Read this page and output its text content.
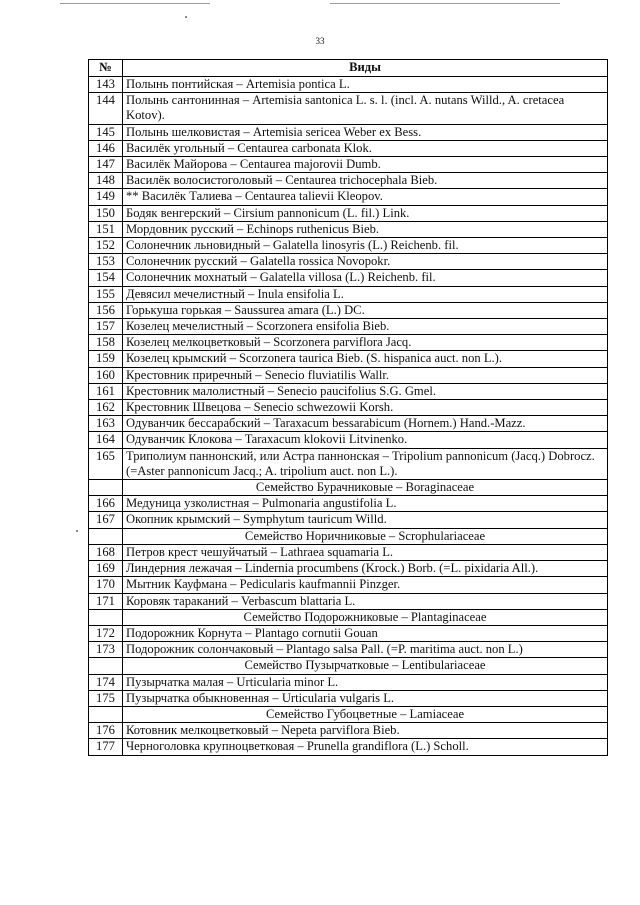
33
№	Виды
143	Полынь понтийская – Artemisia pontica L.
144	Полынь сантонинная – Artemisia santonica L. s. l. (incl. A. nutans Willd., A. cretacea Kotov).
145	Полынь шелковистая – Artemisia sericea Weber ex Bess.
146	Василёк угольный – Centaurea carbonata Klok.
147	Василёк Майорова – Centaurea majorovii Dumb.
148	Василёк волосистоголовый – Centaurea trichocephala Bieb.
149	** Василёк Талиева – Centaurea talievii Kleopov.
150	Бодяк венгерский – Cirsium pannonicum (L. fil.) Link.
151	Мордовник русский – Echinops ruthenicus Bieb.
152	Солонечник льновидный – Galatella linosyris (L.) Reichenb. fil.
153	Солонечник русский – Galatella rossica Novopokr.
154	Солонечник мохнатый – Galatella villosa (L.) Reichenb. fil.
155	Девясил мечелистный – Inula ensifolia L.
156	Горькуша горькая – Saussurea amara (L.) DC.
157	Козелец мечелистный – Scorzonera ensifolia Bieb.
158	Козелец мелкоцветковый – Scorzonera parviflora Jacq.
159	Козелец крымский – Scorzonera taurica Bieb. (S. hispanica auct. non L.).
160	Крестовник приречный – Senecio fluviatilis Wallr.
161	Крестовник малолистный – Senecio paucifolius S.G. Gmel.
162	Крестовник Швецова – Senecio schwezowii Korsh.
163	Одуванчик бессарабский – Taraxacum bessarabicum (Hornem.) Hand.-Mazz.
164	Одуванчик Клокова – Taraxacum klokovii Litvinenko.
165	Триполиум паннонский, или Астра паннонская – Tripolium pannonicum (Jacq.) Dobrocz. (=Aster pannonicum Jacq.; A. tripolium auct. non L.).
	Семейство Бурачниковые – Boraginaceae
166	Медуница узколистная – Pulmonaria angustifolia L.
167	Окопник крымский – Symphytum tauricum Willd.
	Семейство Норичниковые – Scrophulariaceae
168	Петров крест чешуйчатый – Lathraea squamaria L.
169	Линдерния лежачая – Lindernia procumbens (Krock.) Borb. (=L. pixidaria All.).
170	Мытник Кауфмана – Pedicularis kaufmannii Pinzger.
171	Коровяк тараканий – Verbascum blattaria L.
	Семейство Подорожниковые – Plantaginaceae
172	Подорожник Корнута – Plantago cornutii Gouan
173	Подорожник солончаковый – Plantago salsa Pall. (=P. maritima auct. non L.)
	Семейство Пузырчатковые – Lentibulariaceae
174	Пузырчатка малая – Urticularia minor L.
175	Пузырчатка обыкновенная – Urticularia vulgaris L.
	Семейство Губоцветные – Lamiaceae
176	Котовник мелкоцветковый – Nepeta parviflora Bieb.
177	Черноголовка крупноцветковая – Prunella grandiflora (L.) Scholl.
